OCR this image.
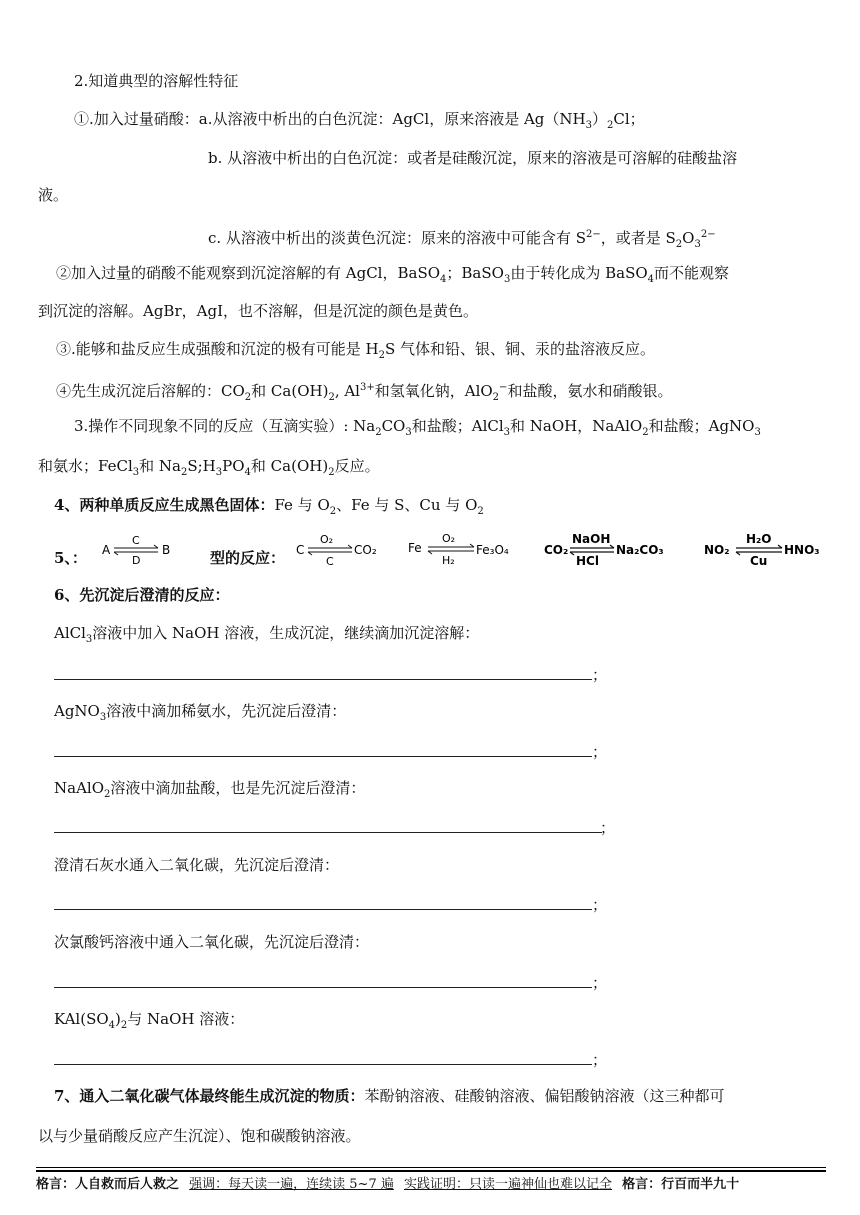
2.知道典型的溶解性特征
①.加入过量硝酸：a.从溶液中析出的白色沉淀：AgCl，原来溶液是 $Ag(NH_3)_2Cl$；
b. 从溶液中析出的白色沉淀：或者是硅酸沉淀，原来的溶液是可溶解的硅酸盐溶
液。
c. 从溶液中析出的淡黄色沉淀：原来的溶液中可能含有 $S^{2-}$，或者是 $S_2O_3^{2-}$
②加入过量的硝酸不能观察到沉淀溶解的有 AgCl，BaSO$_4$；BaSO$_3$由于转化成为 BaSO$_4$而不能观察
到沉淀的溶解。AgBr，AgI，也不溶解，但是沉淀的颜色是黄色。
③.能够和盐反应生成强酸和沉淀的极有可能是 $H_2S$ 气体和铅、银、铜、汞的盐溶液反应。
④先生成沉淀后溶解的：$CO_2$和 $Ca(OH)_2$, $Al^{3+}$和氢氧化钠，AlO$_2$−和盐酸，氨水和硝酸银。
3.操作不同现象不同的反应（互滴实验）: $Na_2CO_3$和盐酸；AlCl$_3$和 NaOH，NaAlO$_2$和盐酸；AgNO$_3$
和氨水；FeCl$_3$和 $Na_2S;H_3PO_4$和 $Ca(OH)_2$反应。
4、两种单质反应生成黑色固体：Fe 与 $O_2$、Fe 与 S、Cu 与 $O_2$
5、： A
C
D
B	型的反应： C
O₂
C
CO₂	Fe
O₂
H₂
Fe₃O₄	CO₂
NaOH
HCl
Na₂CO₃	NO₂
H₂O
Cu
HNO₃
6、先沉淀后澄清的反应：
AlCl$_3$溶液中加入 NaOH 溶液，生成沉淀，继续滴加沉淀溶解：
；
AgNO$_3$溶液中滴加稀氨水，先沉淀后澄清：
；
NaAlO$_2$溶液中滴加盐酸，也是先沉淀后澄清：
；
澄清石灰水通入二氧化碳，先沉淀后澄清：
；
次氯酸钙溶液中通入二氧化碳，先沉淀后澄清：
；
$KAl(SO_4)_2$与 NaOH 溶液：
；
7、通入二氧化碳气体最终能生成沉淀的物质：苯酚钠溶液、硅酸钠溶液、偏铝酸钠溶液（这三种都可
以与少量硝酸反应产生沉淀）、饱和碳酸钠溶液。
格言：人自救而后人救之 强调：每天读一遍，连续读 5~7 遍 实践证明：只读一遍神仙也难以记全 格言：行百而半九十
